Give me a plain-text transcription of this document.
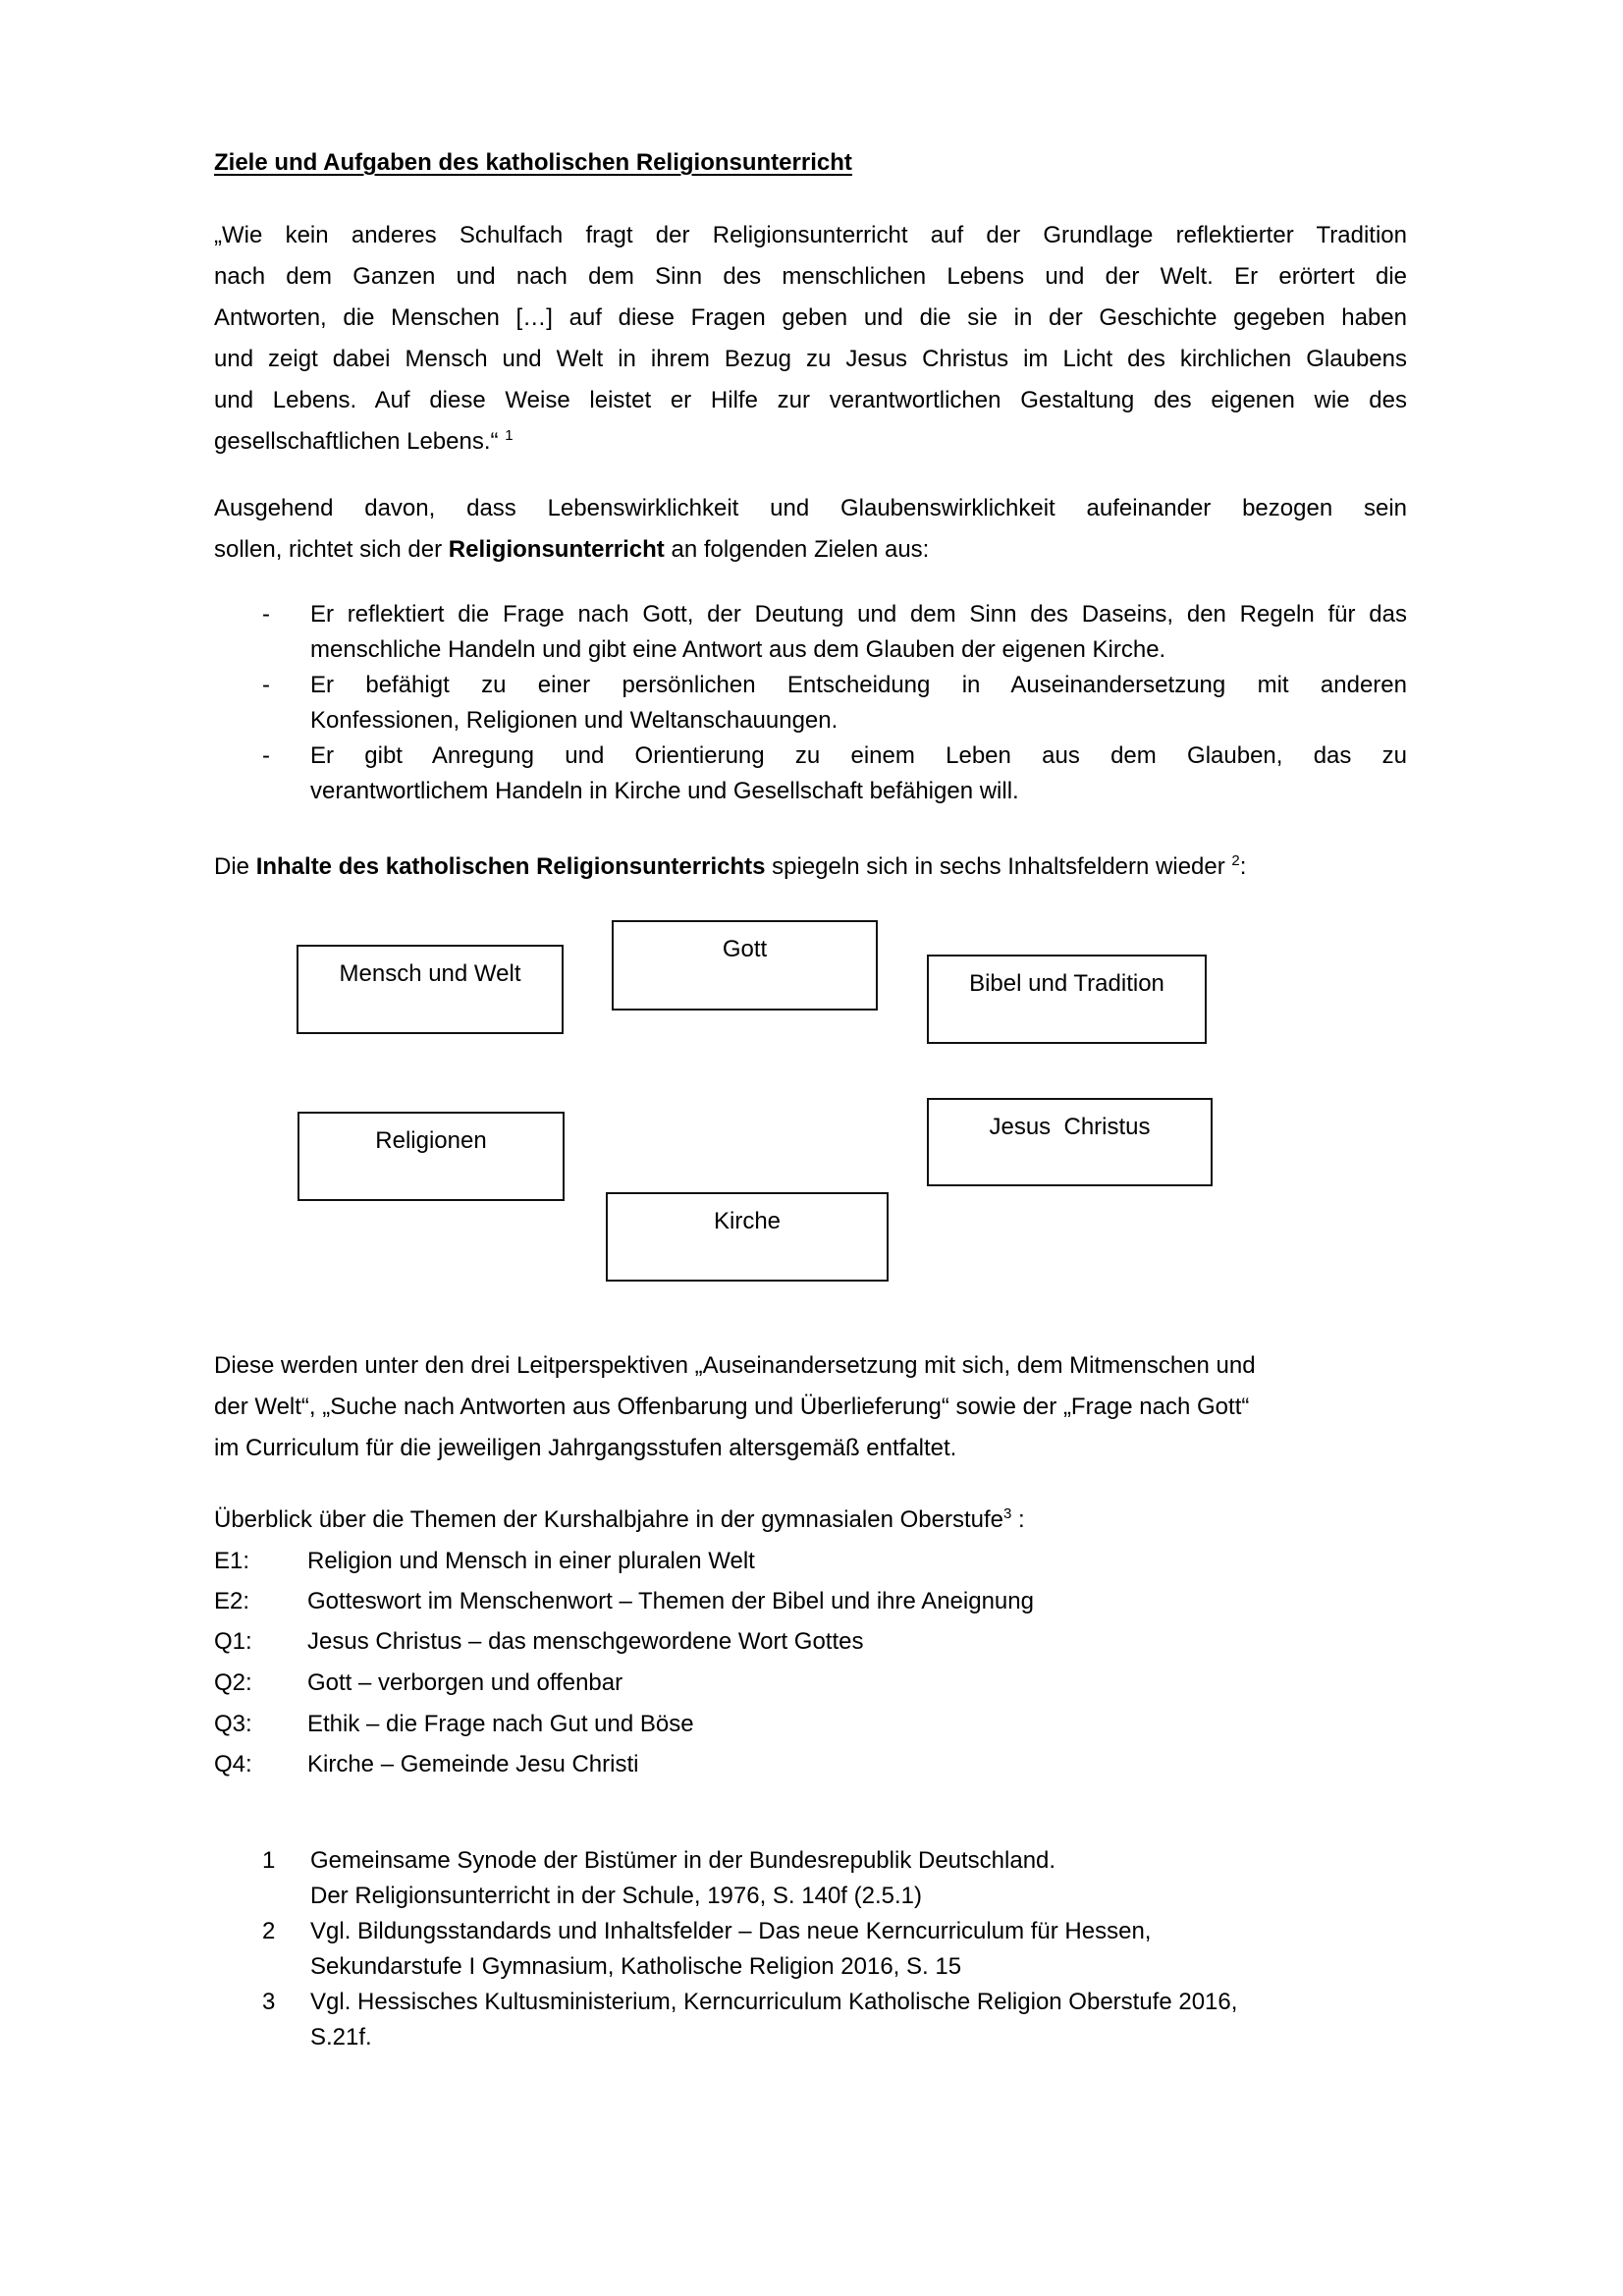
Ziele und Aufgaben des katholischen Religionsunterricht
„Wie kein anderes Schulfach fragt der Religionsunterricht auf der Grundlage reflektierter Tradition
nach dem Ganzen und nach dem Sinn des menschlichen Lebens und der Welt. Er erörtert die
Antworten, die Menschen […] auf diese Fragen geben und die sie in der Geschichte gegeben haben
und zeigt dabei Mensch und Welt in ihrem Bezug zu Jesus Christus im Licht des kirchlichen Glaubens
und Lebens. Auf diese Weise leistet er Hilfe zur verantwortlichen Gestaltung des eigenen wie des
gesellschaftlichen Lebens.“ $^1$
Ausgehend davon, dass Lebenswirklichkeit und Glaubenswirklichkeit aufeinander bezogen sein
sollen, richtet sich der Religionsunterricht an folgenden Zielen aus:
- Er reflektiert die Frage nach Gott, der Deutung und dem Sinn des Daseins, den Regeln für das
menschliche Handeln und gibt eine Antwort aus dem Glauben der eigenen Kirche.
- Er befähigt zu einer persönlichen Entscheidung in Auseinandersetzung mit anderen
Konfessionen, Religionen und Weltanschauungen.
- Er gibt Anregung und Orientierung zu einem Leben aus dem Glauben, das zu
verantwortlichem Handeln in Kirche und Gesellschaft befähigen will.
Die Inhalte des katholischen Religionsunterrichts spiegeln sich in sechs Inhaltsfeldern wieder $^2$:
Mensch und Welt
Gott
Bibel und Tradition
Religionen
Jesus  Christus
Kirche
Diese werden unter den drei Leitperspektiven „Auseinandersetzung mit sich, dem Mitmenschen und
der Welt“, „Suche nach Antworten aus Offenbarung und Überlieferung“ sowie der „Frage nach Gott“
im Curriculum für die jeweiligen Jahrgangsstufen altersgemäß entfaltet.
Überblick über die Themen der Kurshalbjahre in der gymnasialen Oberstufe$^3$ :
E1: Religion und Mensch in einer pluralen Welt
E2: Gotteswort im Menschenwort – Themen der Bibel und ihre Aneignung
Q1: Jesus Christus – das menschgewordene Wort Gottes
Q2: Gott – verborgen und offenbar
Q3: Ethik – die Frage nach Gut und Böse
Q4: Kirche – Gemeinde Jesu Christi
1 Gemeinsame Synode der Bistümer in der Bundesrepublik Deutschland.
Der Religionsunterricht in der Schule, 1976, S. 140f (2.5.1)
2 Vgl. Bildungsstandards und Inhaltsfelder – Das neue Kerncurriculum für Hessen,
Sekundarstufe I Gymnasium, Katholische Religion 2016, S. 15
3 Vgl. Hessisches Kultusministerium, Kerncurriculum Katholische Religion Oberstufe 2016,
S.21f.
